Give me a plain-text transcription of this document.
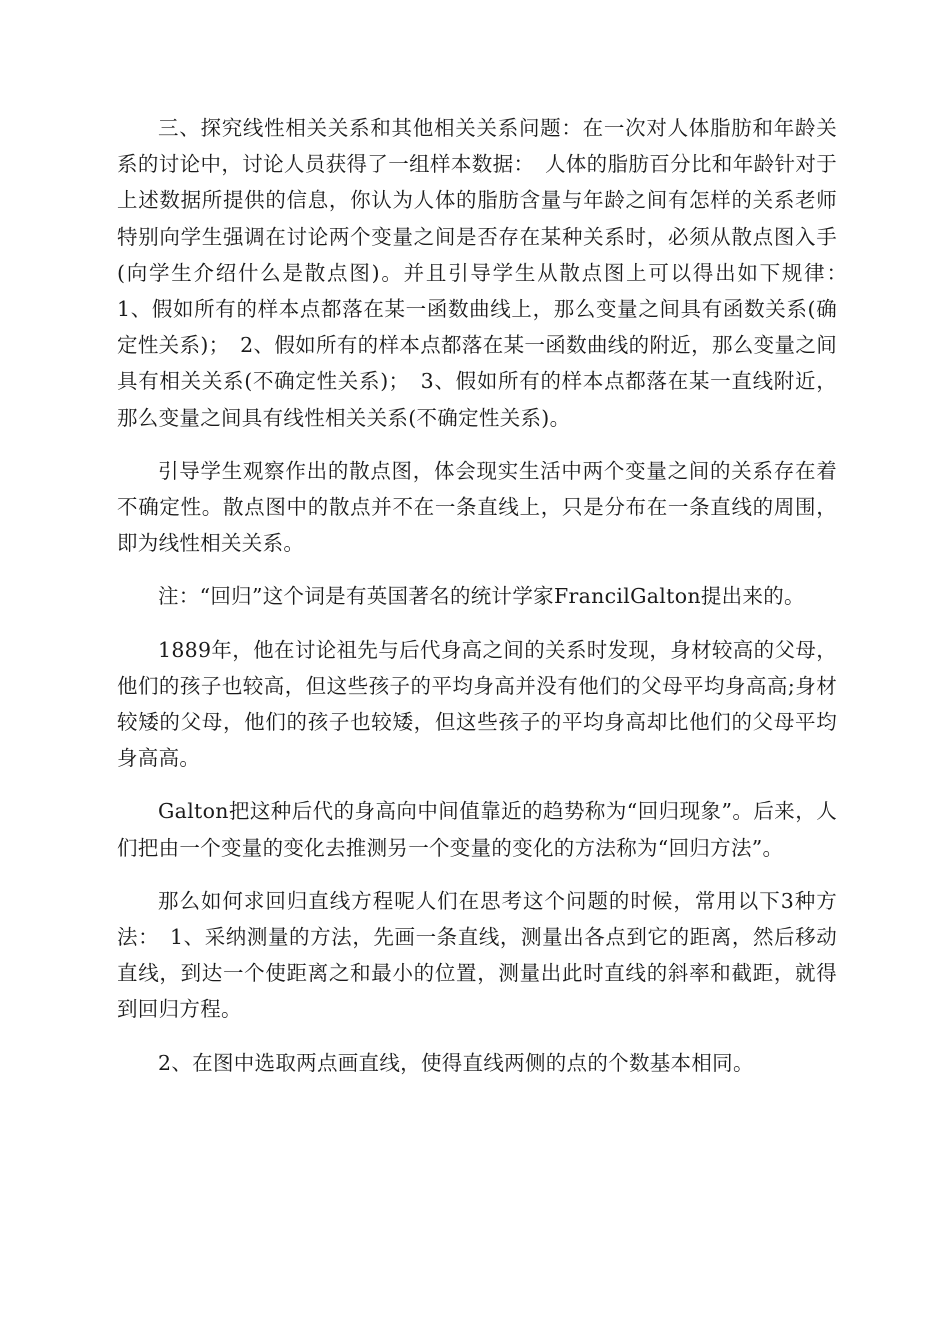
三、探究线性相关关系和其他相关关系问题：在一次对人体脂肪和年龄关系的讨论中，讨论人员获得了一组样本数据：　人体的脂肪百分比和年龄针对于上述数据所提供的信息，你认为人体的脂肪含量与年龄之间有怎样的关系老师特别向学生强调在讨论两个变量之间是否存在某种关系时，必须从散点图入手(向学生介绍什么是散点图)。并且引导学生从散点图上可以得出如下规律：　1、假如所有的样本点都落在某一函数曲线上，那么变量之间具有函数关系(确定性关系)；　2、假如所有的样本点都落在某一函数曲线的附近，那么变量之间具有相关关系(不确定性关系)；　3、假如所有的样本点都落在某一直线附近，那么变量之间具有线性相关关系(不确定性关系)。

引导学生观察作出的散点图，体会现实生活中两个变量之间的关系存在着不确定性。散点图中的散点并不在一条直线上，只是分布在一条直线的周围，即为线性相关关系。

注：“回归”这个词是有英国著名的统计学家FrancilGalton提出来的。

1889年，他在讨论祖先与后代身高之间的关系时发现，身材较高的父母，他们的孩子也较高，但这些孩子的平均身高并没有他们的父母平均身高高;身材较矮的父母，他们的孩子也较矮，但这些孩子的平均身高却比他们的父母平均身高高。

Galton把这种后代的身高向中间值靠近的趋势称为“回归现象”。后来，人们把由一个变量的变化去推测另一个变量的变化的方法称为“回归方法”。

那么如何求回归直线方程呢人们在思考这个问题的时候，常用以下3种方法：　1、采纳测量的方法，先画一条直线，测量出各点到它的距离，然后移动直线，到达一个使距离之和最小的位置，测量出此时直线的斜率和截距，就得到回归方程。

2、在图中选取两点画直线，使得直线两侧的点的个数基本相同。
